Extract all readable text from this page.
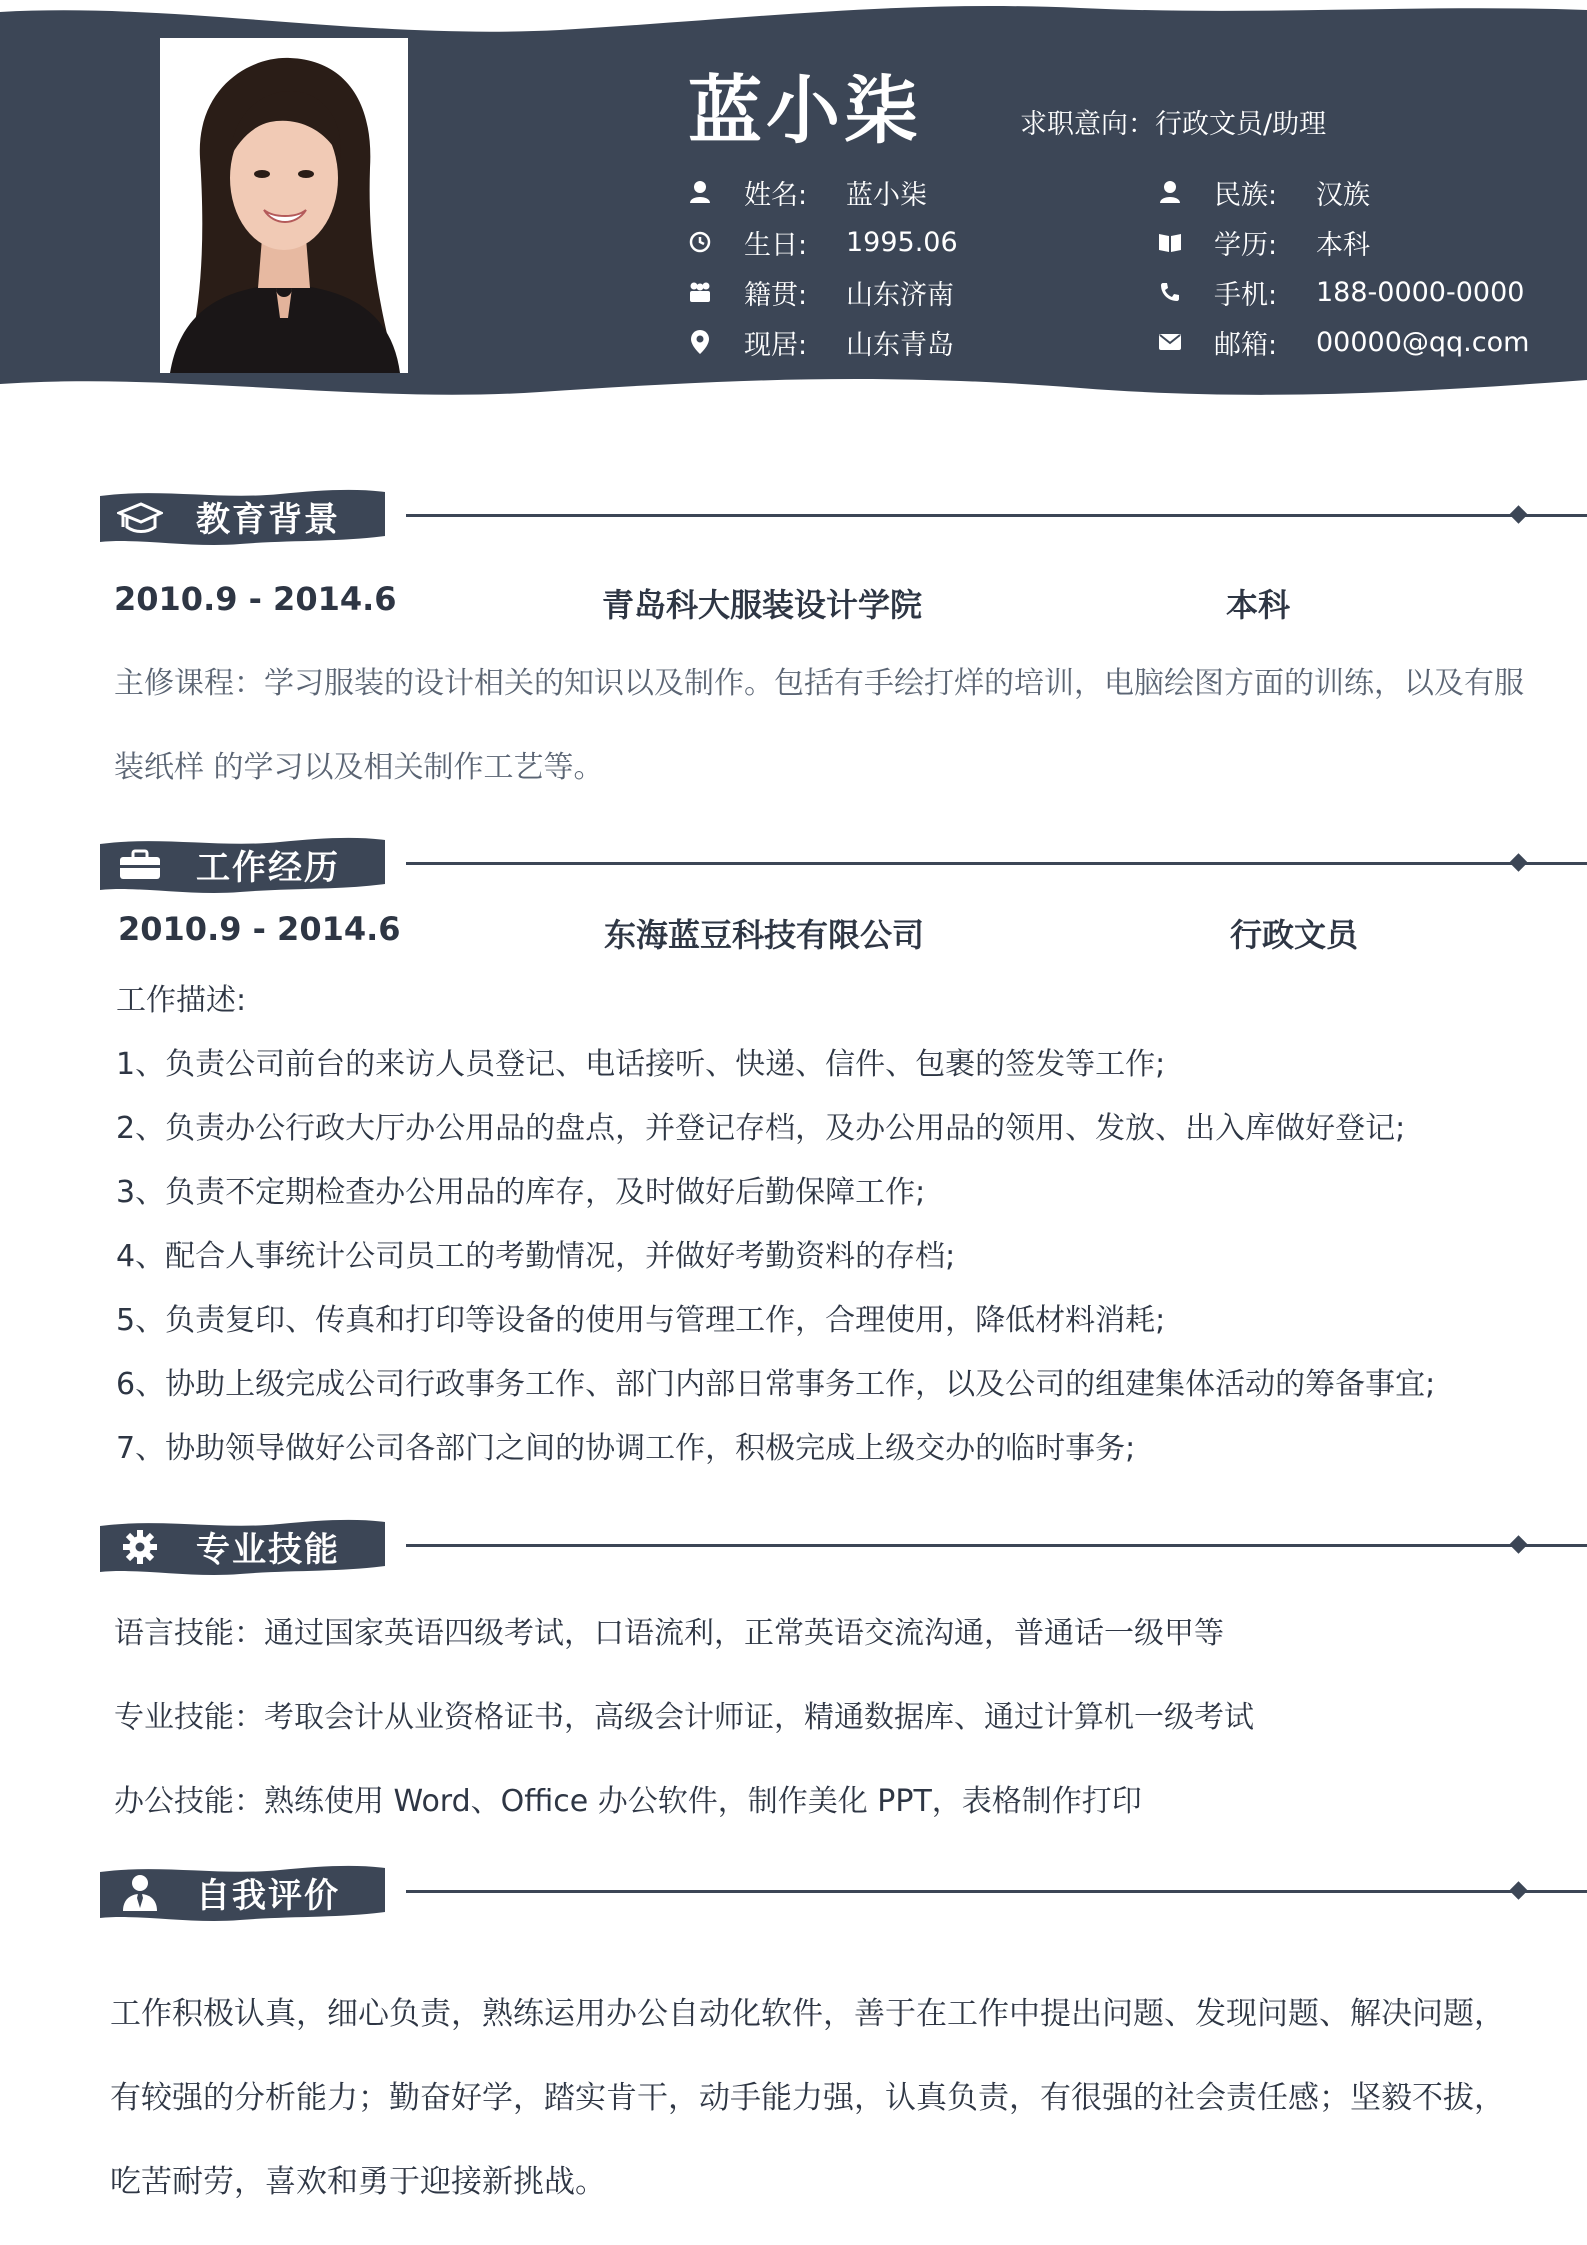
蓝小柒	求职意向：行政文员/助理
姓名:	蓝小柒
生日:	1995.06
籍贯:	山东济南
现居:	山东青岛
民族:	汉族
学历:	本科
手机:	188-0000-0000
邮箱:	00000@qq.com
教育背景
2010.9 - 2014.6	青岛科大服装设计学院	本科
主修课程：学习服装的设计相关的知识以及制作。包括有手绘打烊的培训，电脑绘图方面的训练，以及有服装纸样 的学习以及相关制作工艺等。
工作经历
2010.9 - 2014.6	东海蓝豆科技有限公司	行政文员
工作描述:
1、负责公司前台的来访人员登记、电话接听、快递、信件、包裹的签发等工作;
2、负责办公行政大厅办公用品的盘点，并登记存档，及办公用品的领用、发放、出入库做好登记;
3、负责不定期检查办公用品的库存，及时做好后勤保障工作;
4、配合人事统计公司员工的考勤情况，并做好考勤资料的存档;
5、负责复印、传真和打印等设备的使用与管理工作，合理使用，降低材料消耗;
6、协助上级完成公司行政事务工作、部门内部日常事务工作，以及公司的组建集体活动的筹备事宜;
7、协助领导做好公司各部门之间的协调工作，积极完成上级交办的临时事务;
专业技能
语言技能：通过国家英语四级考试，口语流利，正常英语交流沟通，普通话一级甲等
专业技能：考取会计从业资格证书，高级会计师证，精通数据库、通过计算机一级考试
办公技能：熟练使用 Word、Office 办公软件，制作美化 PPT，表格制作打印
自我评价
工作积极认真，细心负责，熟练运用办公自动化软件，善于在工作中提出问题、发现问题、解决问题，有较强的分析能力；勤奋好学，踏实肯干，动手能力强，认真负责，有很强的社会责任感；坚毅不拔，吃苦耐劳，喜欢和勇于迎接新挑战。
